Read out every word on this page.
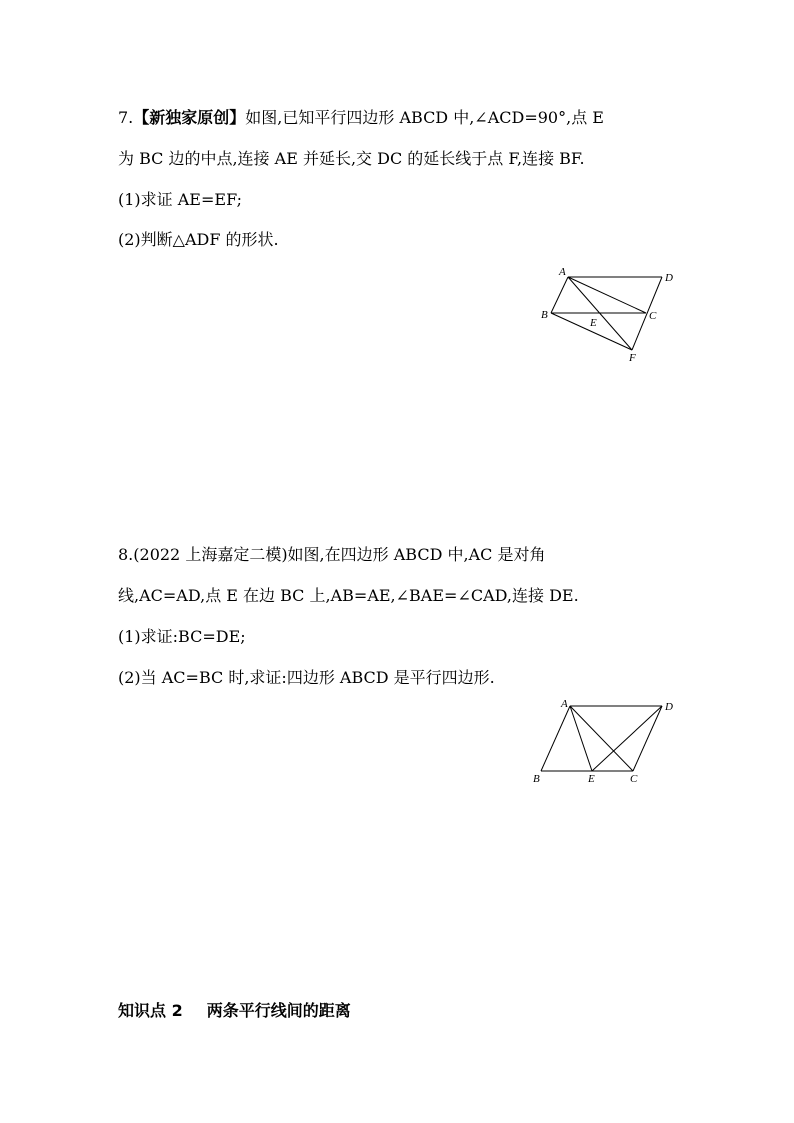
7.【新独家原创】如图,已知平行四边形 ABCD 中,∠ACD=90°,点 E
为 BC 边的中点,连接 AE 并延长,交 DC 的延长线于点 F,连接 BF.
(1)求证 AE=EF;
(2)判断△ADF 的形状.
A	D
B
E
C
F
8.(2022 上海嘉定二模)如图,在四边形 ABCD 中,AC 是对角
线,AC=AD,点 E 在边 BC 上,AB=AE,∠BAE=∠CAD,连接 DE.
(1)求证:BC=DE;
(2)当 AC=BC 时,求证:四边形 ABCD 是平行四边形.
A	D
B	E	C
知识点 2 两条平行线间的距离
